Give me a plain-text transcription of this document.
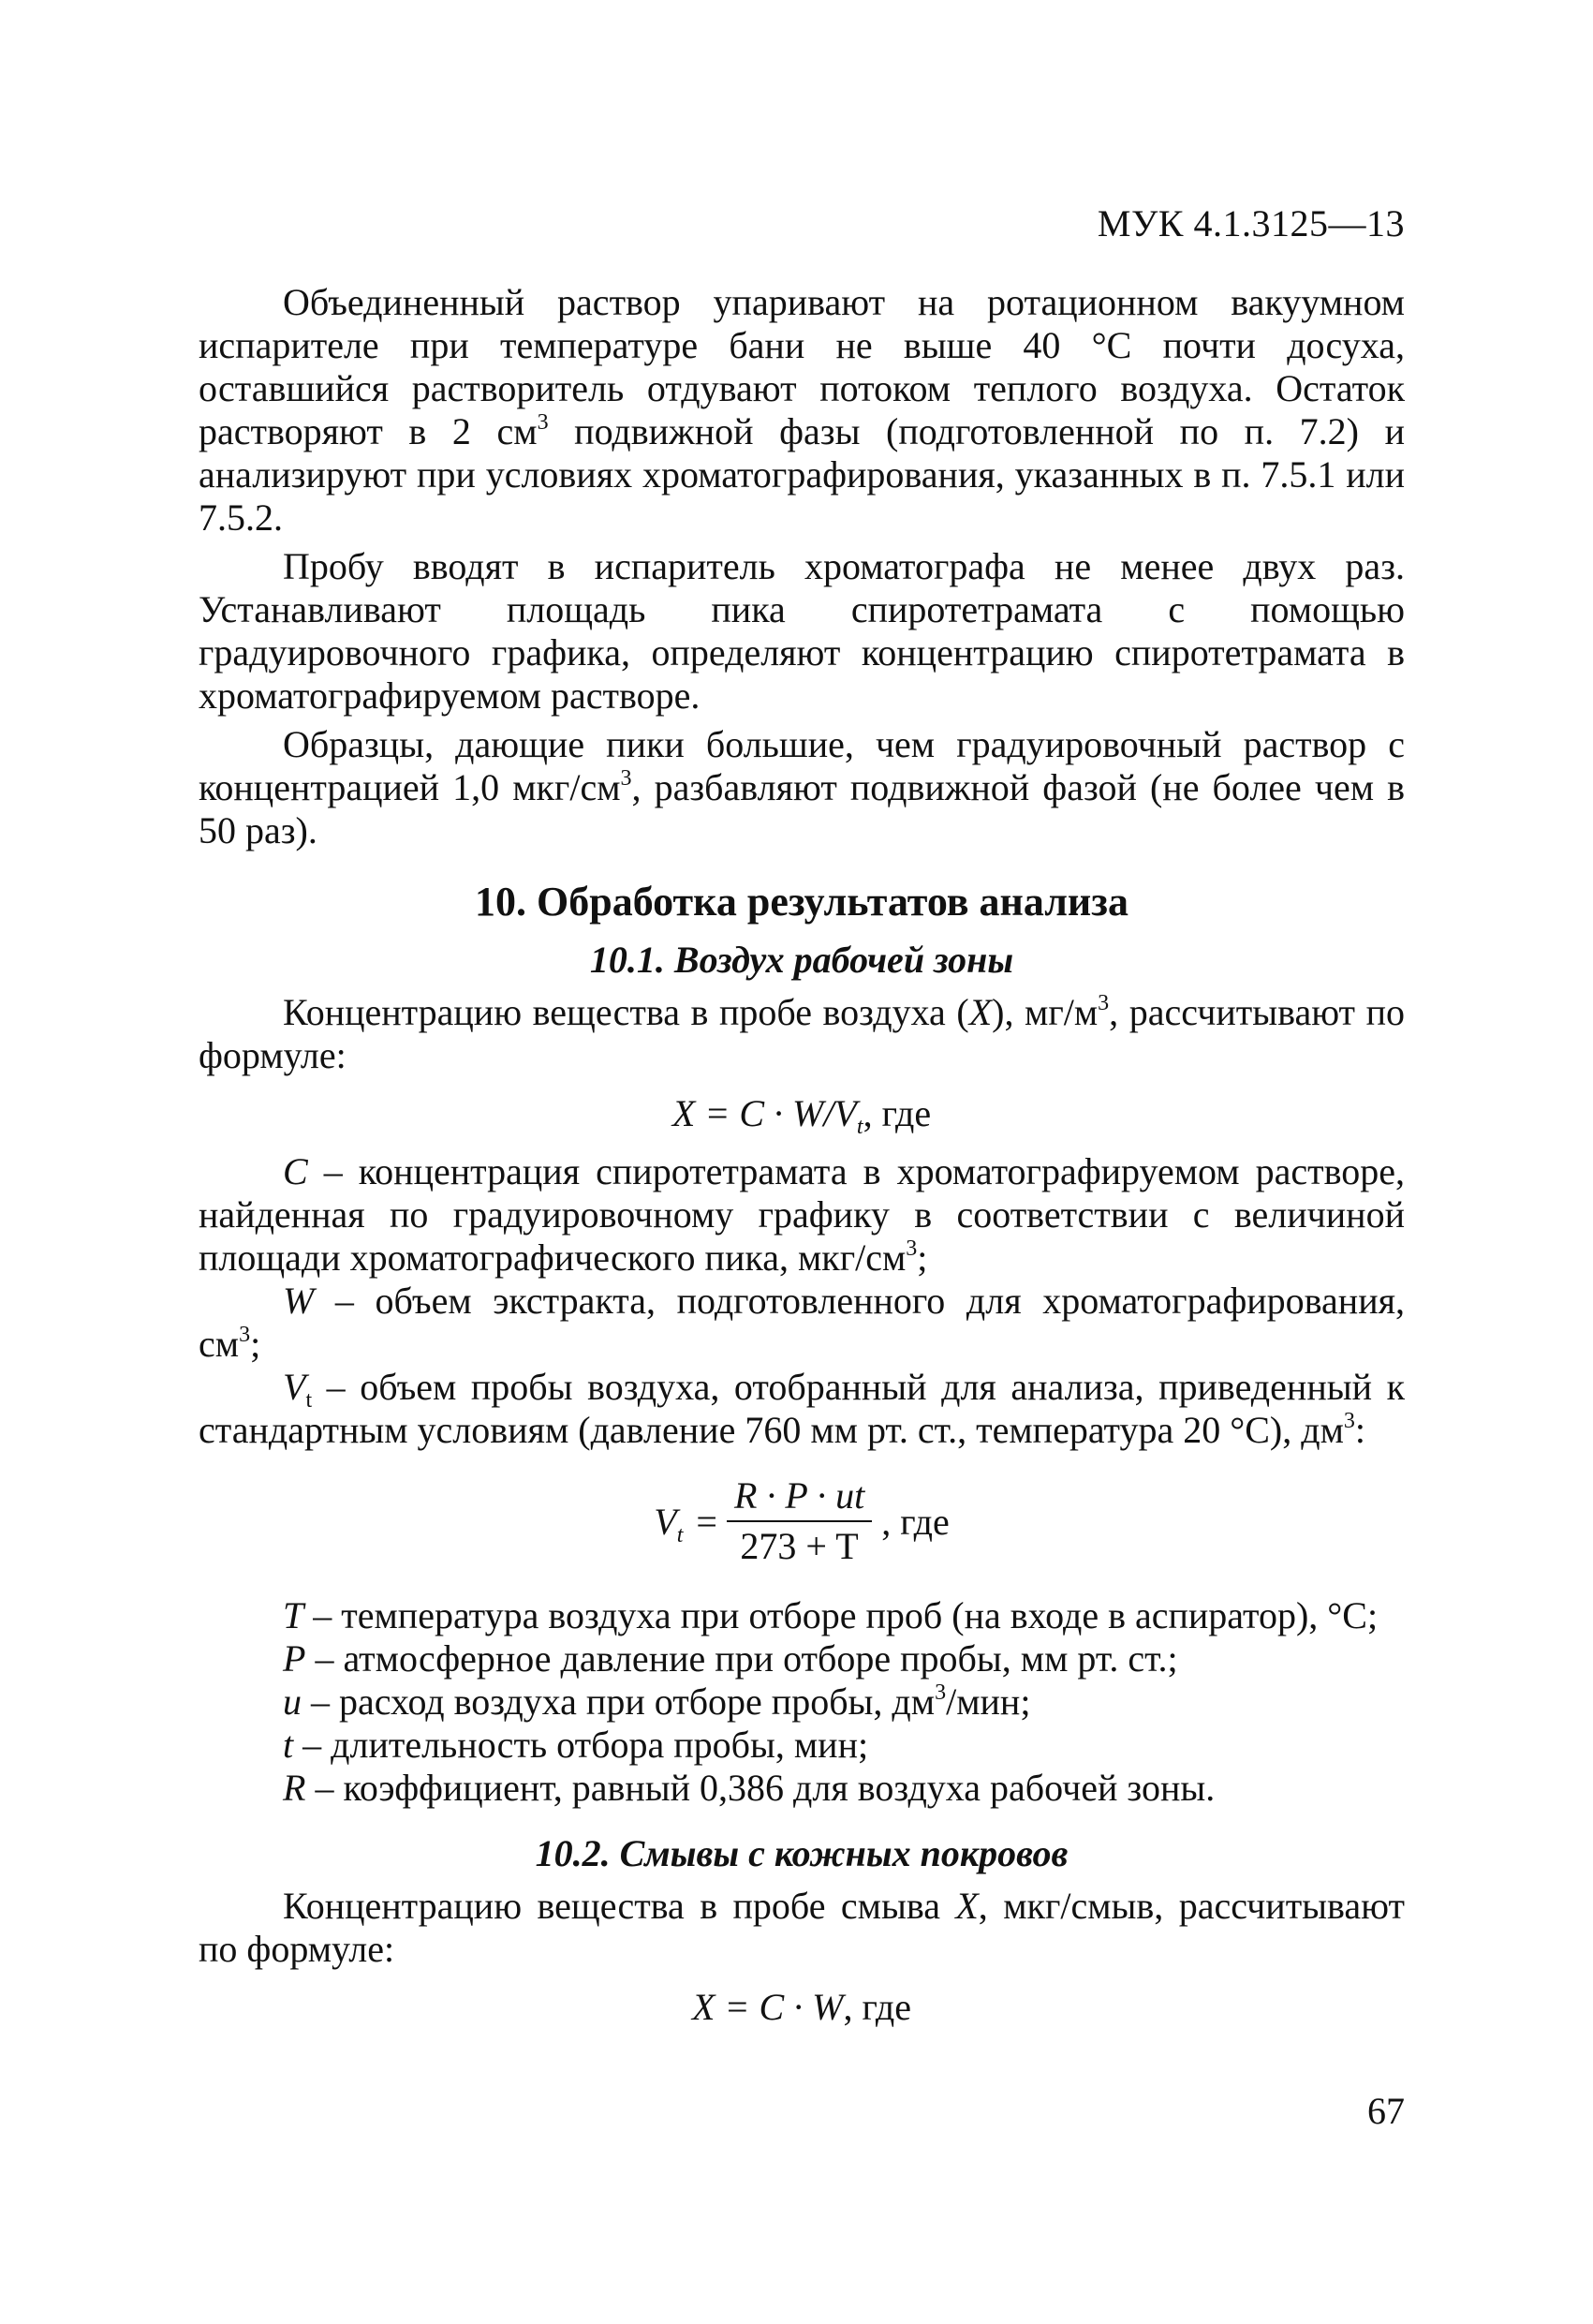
МУК 4.1.3125—13

Объединенный раствор упаривают на ротационном вакуумном испарителе при температуре бани не выше 40 °С почти досуха, оставшийся растворитель отдувают потоком теплого воздуха. Остаток растворяют в 2 $см^3$ подвижной фазы (подготовленной по п. 7.2) и анализируют при условиях хроматографирования, указанных в п. 7.5.1 или 7.5.2.

Пробу вводят в испаритель хроматографа не менее двух раз. Устанавливают площадь пика спиротетрамата с помощью градуировочного графика, определяют концентрацию спиротетрамата в хроматографируемом растворе.

Образцы, дающие пики большие, чем градуировочный раствор с концентрацией 1,0 мкг/$см^3$, разбавляют подвижной фазой (не более чем в 50 раз).

10. Обработка результатов анализа
10.1. Воздух рабочей зоны

Концентрацию вещества в пробе воздуха (X), $мг/м^3$, рассчитывают по формуле:

$X = C \cdot W/V_t$, где

С – концентрация спиротетрамата в хроматографируемом растворе, найденная по градуировочному графику в соответствии с величиной площади хроматографического пика, мкг/$см^3$;

W – объем экстракта, подготовленного для хроматографирования, $см^3$;

$V_t$ – объем пробы воздуха, отобранный для анализа, приведенный к стандартным условиям (давление 760 мм рт. ст., температура 20 °С), $дм^3$:

$V_t = \frac{R \cdot P \cdot ut}{273 + T}$ , где

T – температура воздуха при отборе проб (на входе в аспиратор), °С;

P – атмосферное давление при отборе пробы, мм рт. ст.;

u – расход воздуха при отборе пробы, $дм^3$/мин;

t – длительность отбора пробы, мин;

R – коэффициент, равный 0,386 для воздуха рабочей зоны.

10.2. Смывы с кожных покровов

Концентрацию вещества в пробе смыва X, мкг/смыв, рассчитывают по формуле:

X = C · W, где
67
